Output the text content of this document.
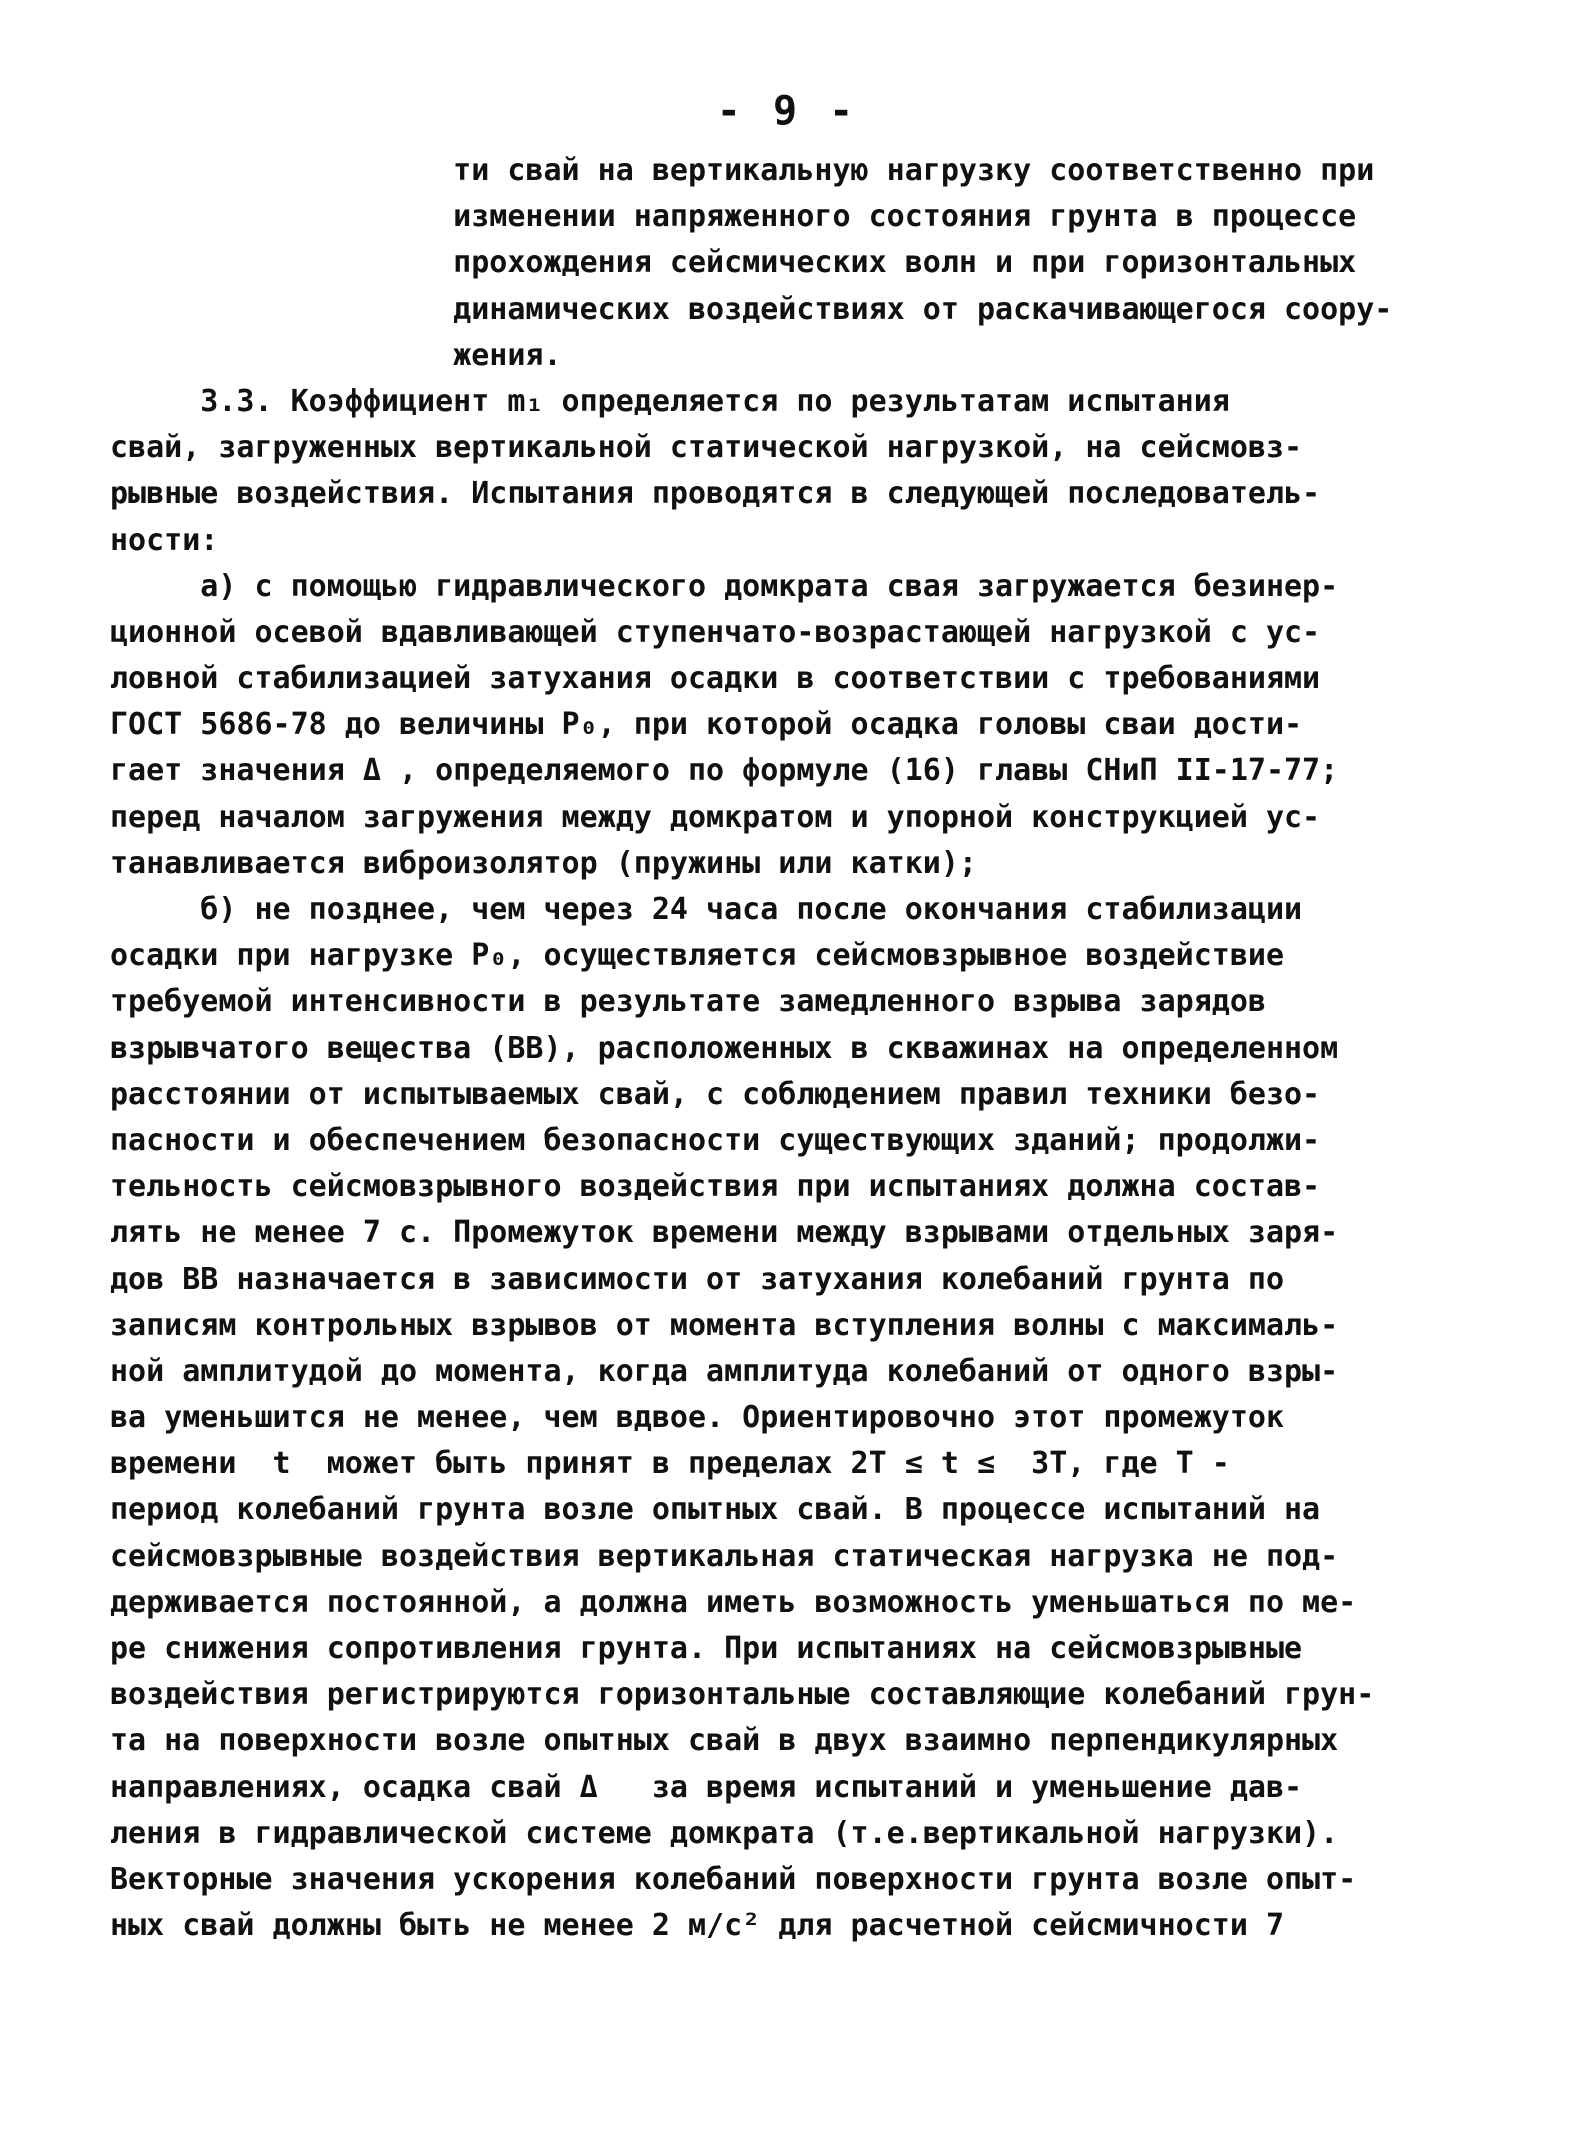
- 9 -
ти свай на вертикальную нагрузку соответственно при
изменении напряженного состояния грунта в процессе
прохождения сейсмических волн и при горизонтальных
динамических воздействиях от раскачивающегося соору-
жения.
3.3. Коэффициент m₁ определяется по результатам испытания
свай, загруженных вертикальной статической нагрузкой, на сейсмовз-
рывные воздействия. Испытания проводятся в следующей последователь-
ности:
а) с помощью гидравлического домкрата свая загружается безинер-
ционной осевой вдавливающей ступенчато-возрастающей нагрузкой с ус-
ловной стабилизацией затухания осадки в соответствии с требованиями
ГОСТ 5686-78 до величины P₀, при которой осадка головы сваи дости-
гает значения Δ , определяемого по формуле (16) главы СНиП II-17-77;
перед началом загружения между домкратом и упорной конструкцией ус-
танавливается виброизолятор (пружины или катки);
б) не позднее, чем через 24 часа после окончания стабилизации
осадки при нагрузке P₀, осуществляется сейсмовзрывное воздействие
требуемой интенсивности в результате замедленного взрыва зарядов
взрывчатого вещества (ВВ), расположенных в скважинах на определенном
расстоянии от испытываемых свай, с соблюдением правил техники безо-
пасности и обеспечением безопасности существующих зданий; продолжи-
тельность сейсмовзрывного воздействия при испытаниях должна состав-
лять не менее 7 с. Промежуток времени между взрывами отдельных заря-
дов ВВ назначается в зависимости от затухания колебаний грунта по
записям контрольных взрывов от момента вступления волны с максималь-
ной амплитудой до момента, когда амплитуда колебаний от одного взры-
ва уменьшится не менее, чем вдвое. Ориентировочно этот промежуток
времени  t  может быть принят в пределах 2T ≤ t ≤  3T, где T -
период колебаний грунта возле опытных свай. В процессе испытаний на
сейсмовзрывные воздействия вертикальная статическая нагрузка не под-
держивается постоянной, а должна иметь возможность уменьшаться по ме-
ре снижения сопротивления грунта. При испытаниях на сейсмовзрывные
воздействия регистрируются горизонтальные составляющие колебаний грун-
та на поверхности возле опытных свай в двух взаимно перпендикулярных
направлениях, осадка свай Δ   за время испытаний и уменьшение дав-
ления в гидравлической системе домкрата (т.е.вертикальной нагрузки).
Векторные значения ускорения колебаний поверхности грунта возле опыт-
ных свай должны быть не менее 2 м/с² для расчетной сейсмичности 7
